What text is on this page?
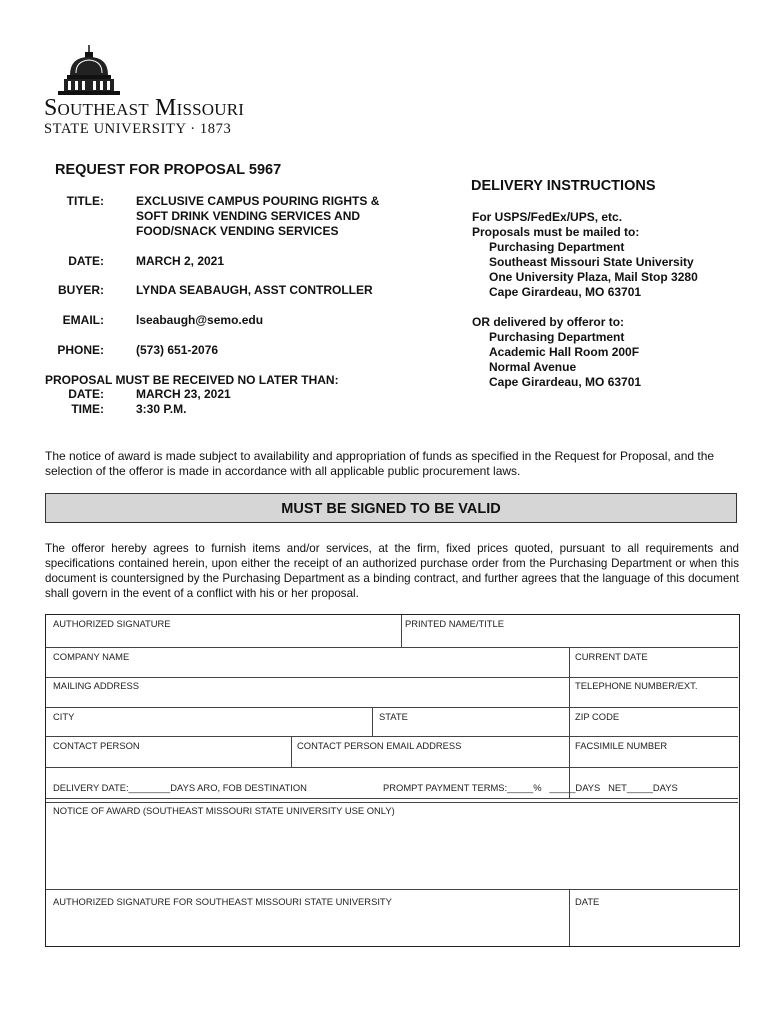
Southeast Missouri
STATE UNIVERSITY · 1873
REQUEST FOR PROPOSAL 5967
TITLE:	EXCLUSIVE CAMPUS POURING RIGHTS &
SOFT DRINK VENDING SERVICES AND
FOOD/SNACK VENDING SERVICES
DATE:	MARCH 2, 2021
BUYER:	LYNDA SEABAUGH, ASST CONTROLLER
EMAIL:	lseabaugh@semo.edu
PHONE:	(573) 651-2076
PROPOSAL MUST BE RECEIVED NO LATER THAN:
DATE:	MARCH 23, 2021
TIME:	3:30 P.M.
DELIVERY INSTRUCTIONS
For USPS/FedEx/UPS, etc.
Proposals must be mailed to:
Purchasing Department
Southeast Missouri State University
One University Plaza, Mail Stop 3280
Cape Girardeau, MO 63701
OR delivered by offeror to:
Purchasing Department
Academic Hall Room 200F
Normal Avenue
Cape Girardeau, MO 63701
The notice of award is made subject to availability and appropriation of funds as specified in the Request for Proposal, and the selection of the offeror is made in accordance with all applicable public procurement laws.
MUST BE SIGNED TO BE VALID
The offeror hereby agrees to furnish items and/or services, at the firm, fixed prices quoted, pursuant to all requirements and specifications contained herein, upon either the receipt of an authorized purchase order from the Purchasing Department or when this document is countersigned by the Purchasing Department as a binding contract, and further agrees that the language of this document shall govern in the event of a conflict with his or her proposal.
AUTHORIZED SIGNATURE	PRINTED NAME/TITLE
COMPANY NAME	CURRENT DATE
MAILING ADDRESS	TELEPHONE NUMBER/EXT.
CITY	STATE	ZIP CODE
CONTACT PERSON	CONTACT PERSON EMAIL ADDRESS	FACSIMILE NUMBER
DELIVERY DATE:________DAYS ARO, FOB DESTINATION	PROMPT PAYMENT TERMS:_____%   _____DAYS   NET_____DAYS
NOTICE OF AWARD (SOUTHEAST MISSOURI STATE UNIVERSITY USE ONLY)
AUTHORIZED SIGNATURE FOR SOUTHEAST MISSOURI STATE UNIVERSITY	DATE
